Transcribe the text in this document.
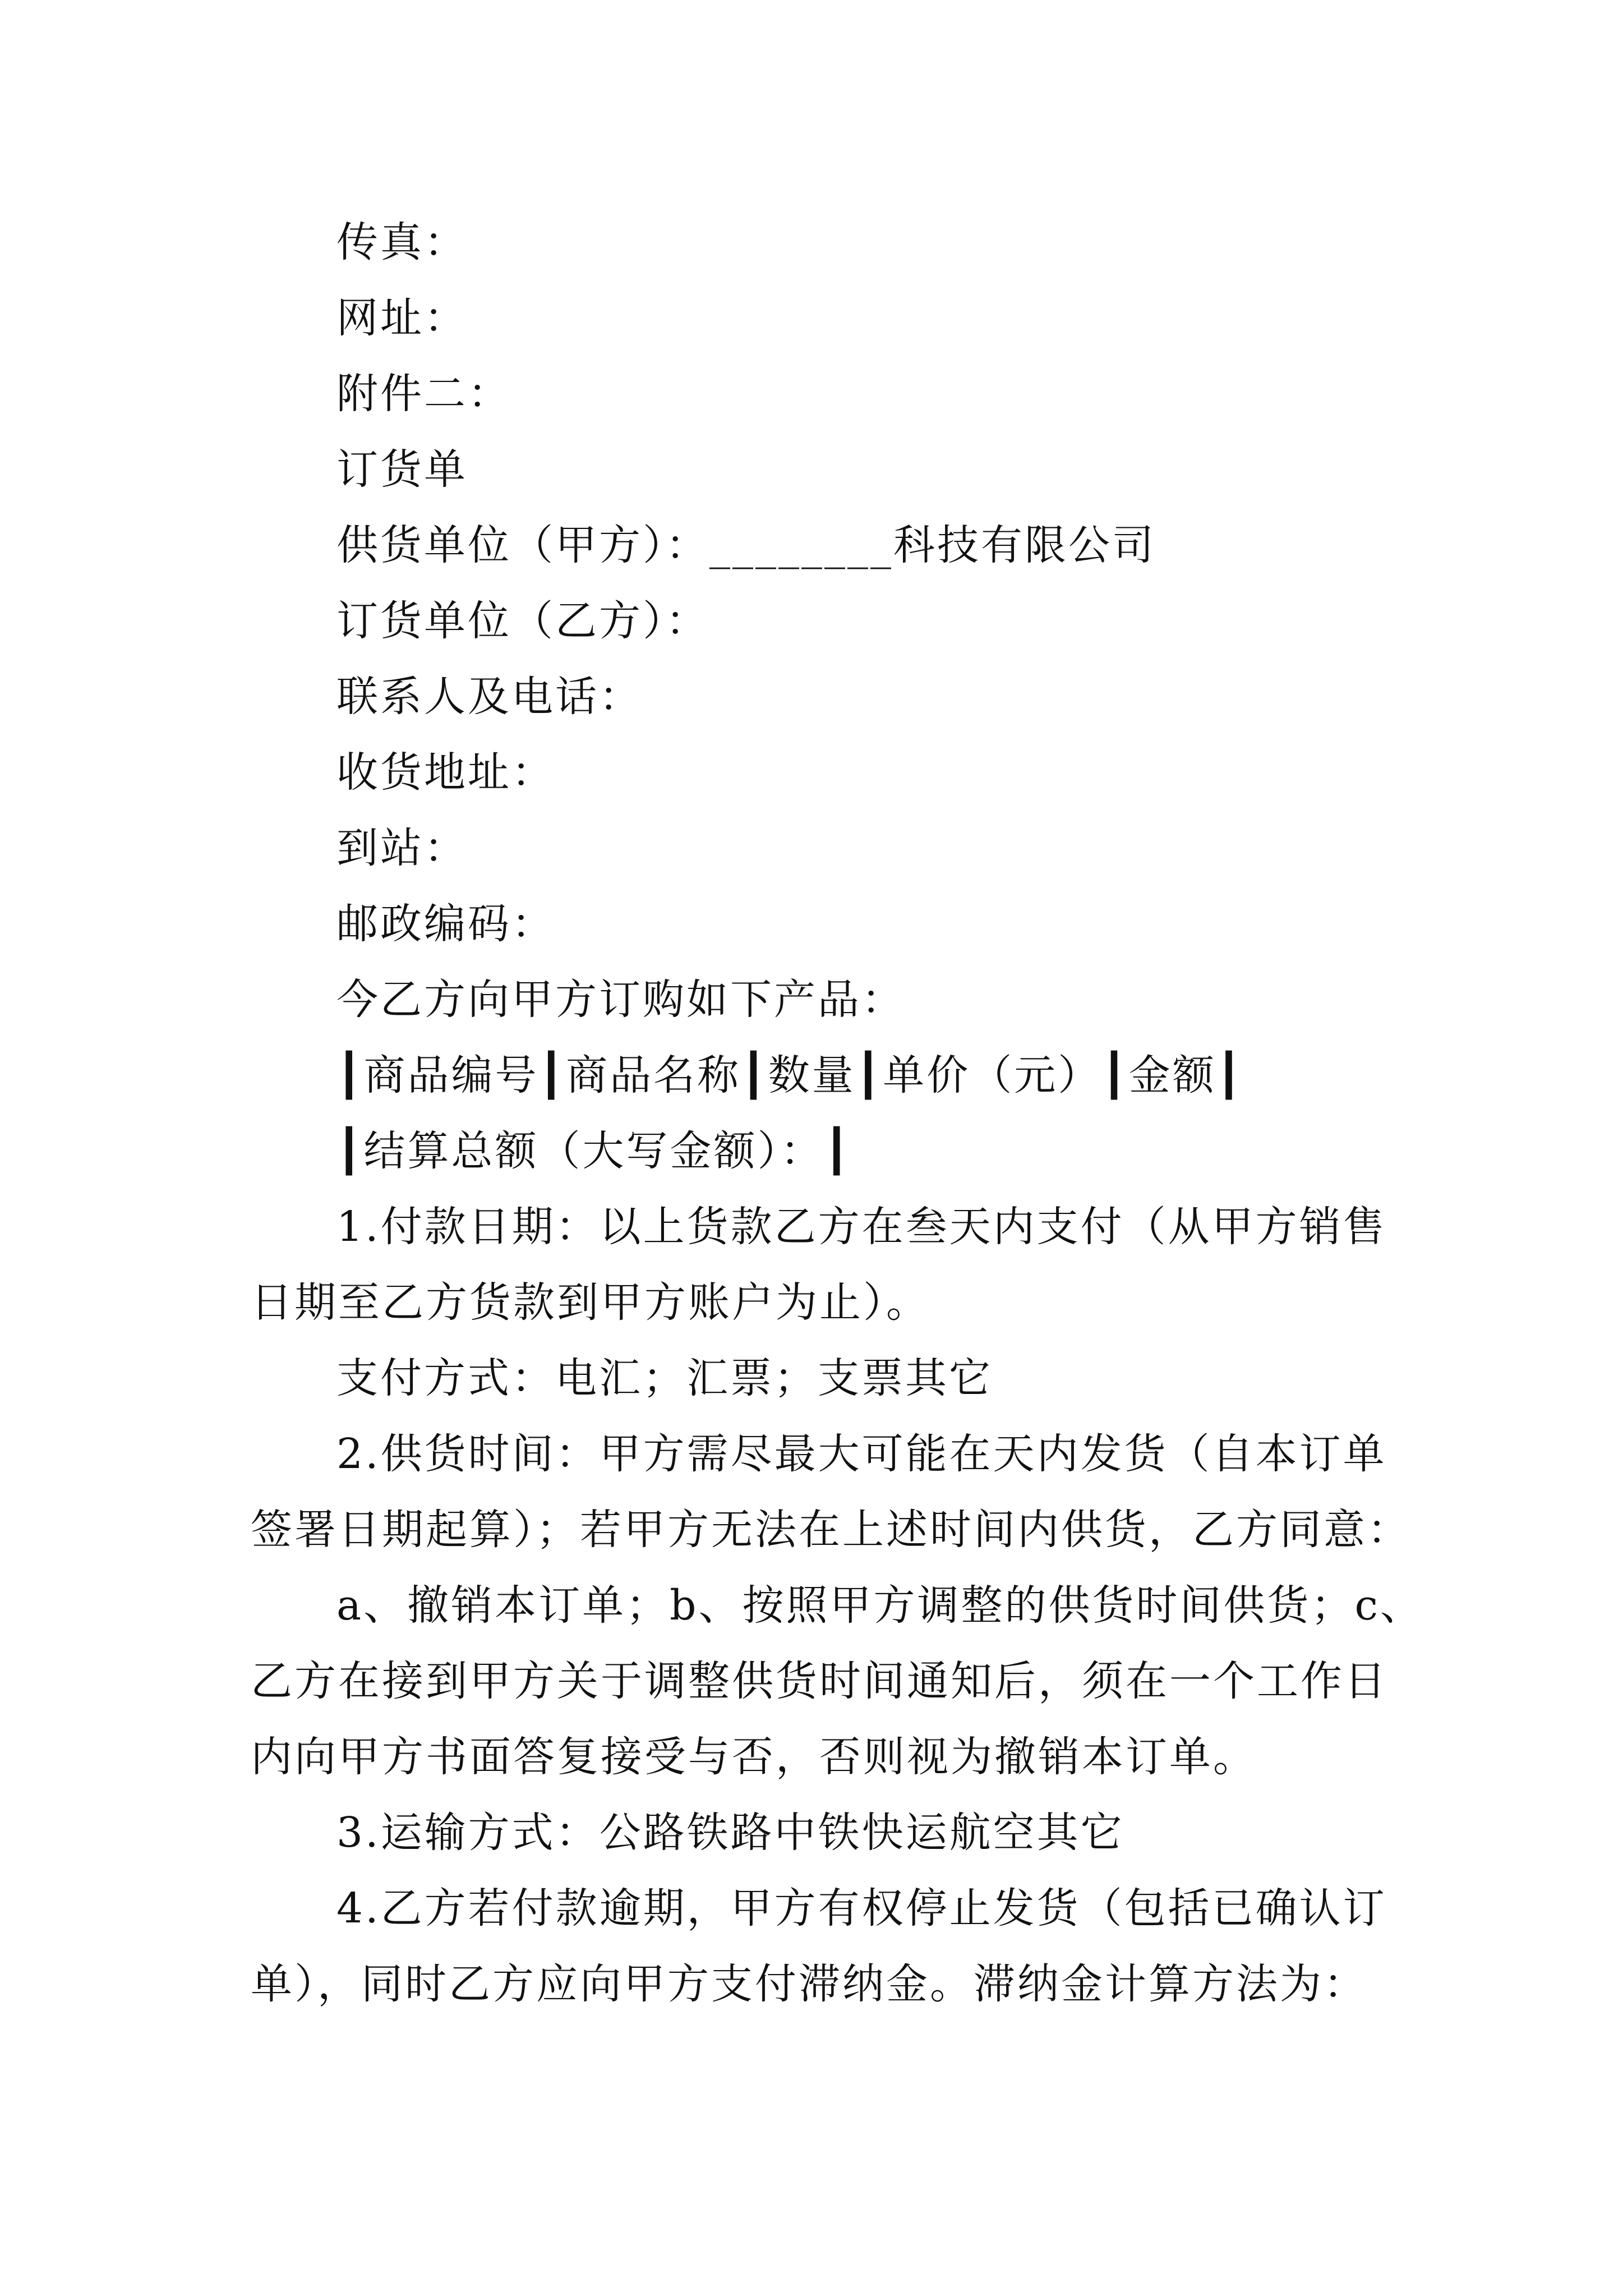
传真：
网址：
附件二：
订货单
供货单位（甲方）：________科技有限公司
订货单位（乙方）：
联系人及电话：
收货地址：
到站：
邮政编码：
今乙方向甲方订购如下产品：
┃商品编号┃商品名称┃数量┃单价（元）┃金额┃
┃结算总额（大写金额）：┃
1.付款日期：以上货款乙方在叁天内支付（从甲方销售
日期至乙方货款到甲方账户为止）。
支付方式：电汇；汇票；支票其它
2.供货时间：甲方需尽最大可能在天内发货（自本订单
签署日期起算）；若甲方无法在上述时间内供货，乙方同意：
a、撤销本订单；b、按照甲方调整的供货时间供货；c、
乙方在接到甲方关于调整供货时间通知后，须在一个工作日
内向甲方书面答复接受与否，否则视为撤销本订单。
3.运输方式：公路铁路中铁快运航空其它
4.乙方若付款逾期，甲方有权停止发货（包括已确认订
单），同时乙方应向甲方支付滞纳金。滞纳金计算方法为：
